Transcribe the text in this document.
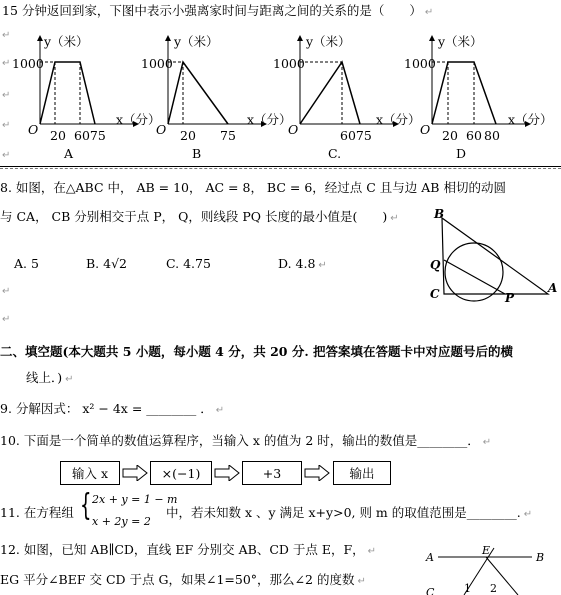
15 分钟返回到家，下图中表示小强离家时间与距离之间的关系的是（　　） ↵
↵
↵
↵
↵
↵
y（米）
1000
O 20 6075
x（分）
A
y（米）
1000
O 20 75
x（分）
B
y（米）
1000
O	6075
x（分）
C.
y（米）
1000
O 20 60 80
x（分）
D
8. 如图，在△ABC 中， AB = 10， AC = 8， BC = 6，经过点 C 且与边 AB 相切的动圆
与 CA， CB 分别相交于点 P， Q，则线段 PQ 长度的最小值是(　　) ↵
A. 5	B. 4√2	C. 4.75	D. 4.8 ↵
↵
↵
B
Q
C	P
A
二、填空题(本大题共 5 小题，每小题 4 分，共 20 分. 把答案填在答题卡中对应题号后的横
线上．) ↵
9. 分解因式： x² − 4x = ________ ． ↵
10. 下面是一个简单的数值运算程序，当输入 x 的值为 2 时，输出的数值是________． ↵
输入 x	×(−1)	+3	输出
11. 在方程组 { 2x + y = 1 − m
x + 2y = 2
中，若未知数 x 、y 满足 x+y>0, 则 m 的取值范围是________. ↵
12. 如图，已知 AB∥CD，直线 EF 分别交 AB、CD 于点 E，F， ↵
EG 平分∠BEF 交 CD 于点 G，如果∠1=50°，那么∠2 的度数 ↵
A
E
B
1 2
C
